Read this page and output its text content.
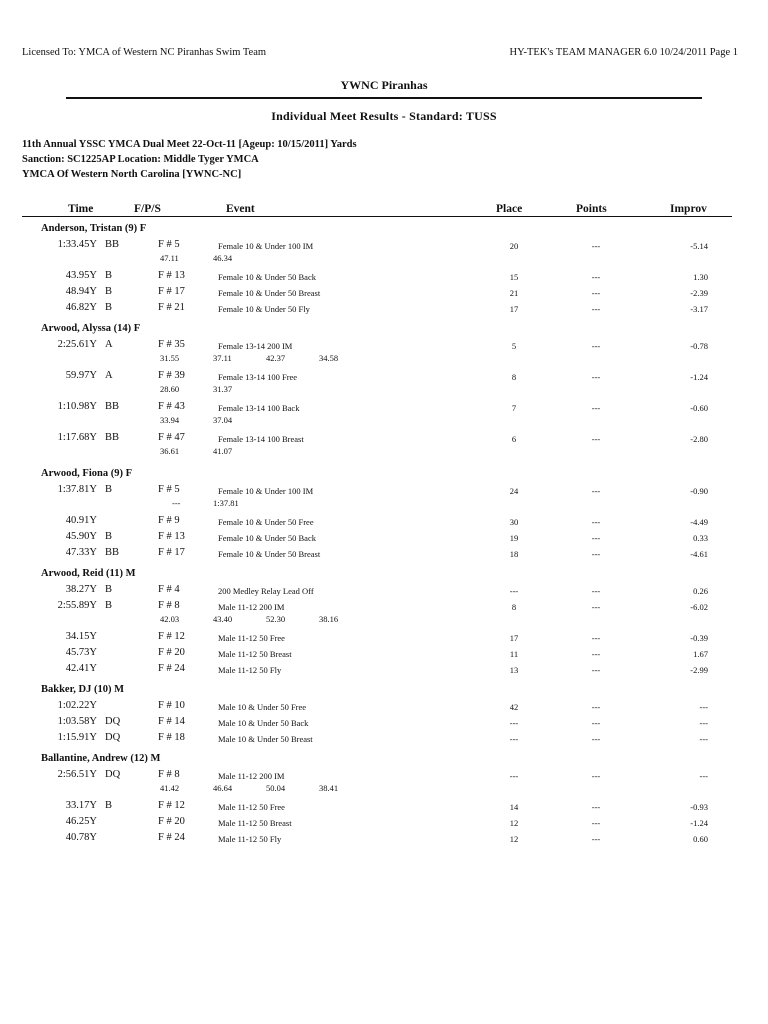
Licensed To: YMCA of Western NC Piranhas Swim Team	HY-TEK's TEAM MANAGER 6.0 10/24/2011 Page 1
YWNC Piranhas
Individual Meet Results - Standard: TUSS
11th Annual YSSC YMCA Dual Meet 22-Oct-11 [Ageup: 10/15/2011] Yards
Sanction: SC1225AP Location: Middle Tyger YMCA
YMCA Of Western North Carolina [YWNC-NC]
Time	F/P/S	Event	Place	Points	Improv
Anderson, Tristan (9) F
1:33.45Y BB	F # 5	Female 10 & Under 100 IM	20	---	-5.14
47.11	46.34
43.95Y B	F # 13	Female 10 & Under 50 Back	15	---	1.30
48.94Y B	F # 17	Female 10 & Under 50 Breast	21	---	-2.39
46.82Y B	F # 21	Female 10 & Under 50 Fly	17	---	-3.17
Arwood, Alyssa (14) F
2:25.61Y A	F # 35	Female 13-14 200 IM	5	---	-0.78
31.55	37.11	42.37	34.58
59.97Y A	F # 39	Female 13-14 100 Free	8	---	-1.24
28.60	31.37
1:10.98Y BB	F # 43	Female 13-14 100 Back	7	---	-0.60
33.94	37.04
1:17.68Y BB	F # 47	Female 13-14 100 Breast	6	---	-2.80
36.61	41.07
Arwood, Fiona (9) F
1:37.81Y B	F # 5	Female 10 & Under 100 IM	24	---	-0.90
---	1:37.81
40.91Y	F # 9	Female 10 & Under 50 Free	30	---	-4.49
45.90Y B	F # 13	Female 10 & Under 50 Back	19	---	0.33
47.33Y BB	F # 17	Female 10 & Under 50 Breast	18	---	-4.61
Arwood, Reid (11) M
38.27Y B	F # 4	200 Medley Relay Lead Off	---	---	0.26
2:55.89Y B	F # 8	Male 11-12 200 IM	8	---	-6.02
42.03	43.40	52.30	38.16
34.15Y	F # 12	Male 11-12 50 Free	17	---	-0.39
45.73Y	F # 20	Male 11-12 50 Breast	11	---	1.67
42.41Y	F # 24	Male 11-12 50 Fly	13	---	-2.99
Bakker, DJ (10) M
1:02.22Y	F # 10	Male 10 & Under 50 Free	42	---	---
1:03.58Y DQ	F # 14	Male 10 & Under 50 Back	---	---	---
1:15.91Y DQ	F # 18	Male 10 & Under 50 Breast	---	---	---
Ballantine, Andrew (12) M
2:56.51Y DQ	F # 8	Male 11-12 200 IM	---	---	---
41.42	46.64	50.04	38.41
33.17Y B	F # 12	Male 11-12 50 Free	14	---	-0.93
46.25Y	F # 20	Male 11-12 50 Breast	12	---	-1.24
40.78Y	F # 24	Male 11-12 50 Fly	12	---	0.60
